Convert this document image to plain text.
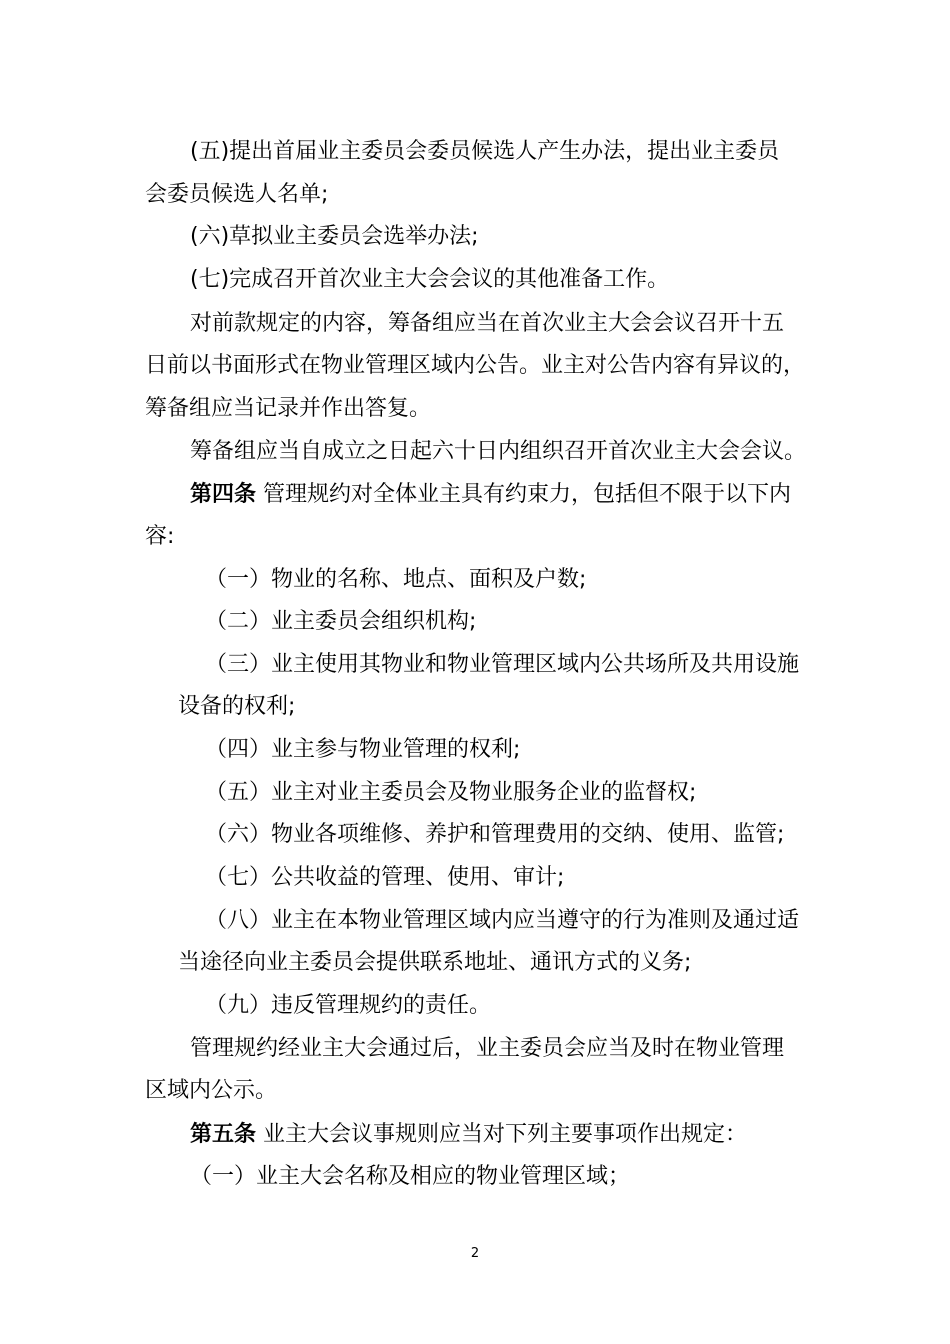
(五)提出首届业主委员会委员候选人产生办法，提出业主委员
会委员候选人名单;
(六)草拟业主委员会选举办法;
(七)完成召开首次业主大会会议的其他准备工作。
对前款规定的内容，筹备组应当在首次业主大会会议召开十五
日前以书面形式在物业管理区域内公告。业主对公告内容有异议的，
筹备组应当记录并作出答复。
筹备组应当自成立之日起六十日内组织召开首次业主大会会议。
第四条 管理规约对全体业主具有约束力，包括但不限于以下内
容:
（一）物业的名称、地点、面积及户数;
（二）业主委员会组织机构;
（三）业主使用其物业和物业管理区域内公共场所及共用设施
设备的权利;
（四）业主参与物业管理的权利;
（五）业主对业主委员会及物业服务企业的监督权;
（六）物业各项维修、养护和管理费用的交纳、使用、监管;
（七）公共收益的管理、使用、审计;
（八）业主在本物业管理区域内应当遵守的行为准则及通过适
当途径向业主委员会提供联系地址、通讯方式的义务;
（九）违反管理规约的责任。
管理规约经业主大会通过后，业主委员会应当及时在物业管理
区域内公示。
第五条 业主大会议事规则应当对下列主要事项作出规定：
（一）业主大会名称及相应的物业管理区域；
2
